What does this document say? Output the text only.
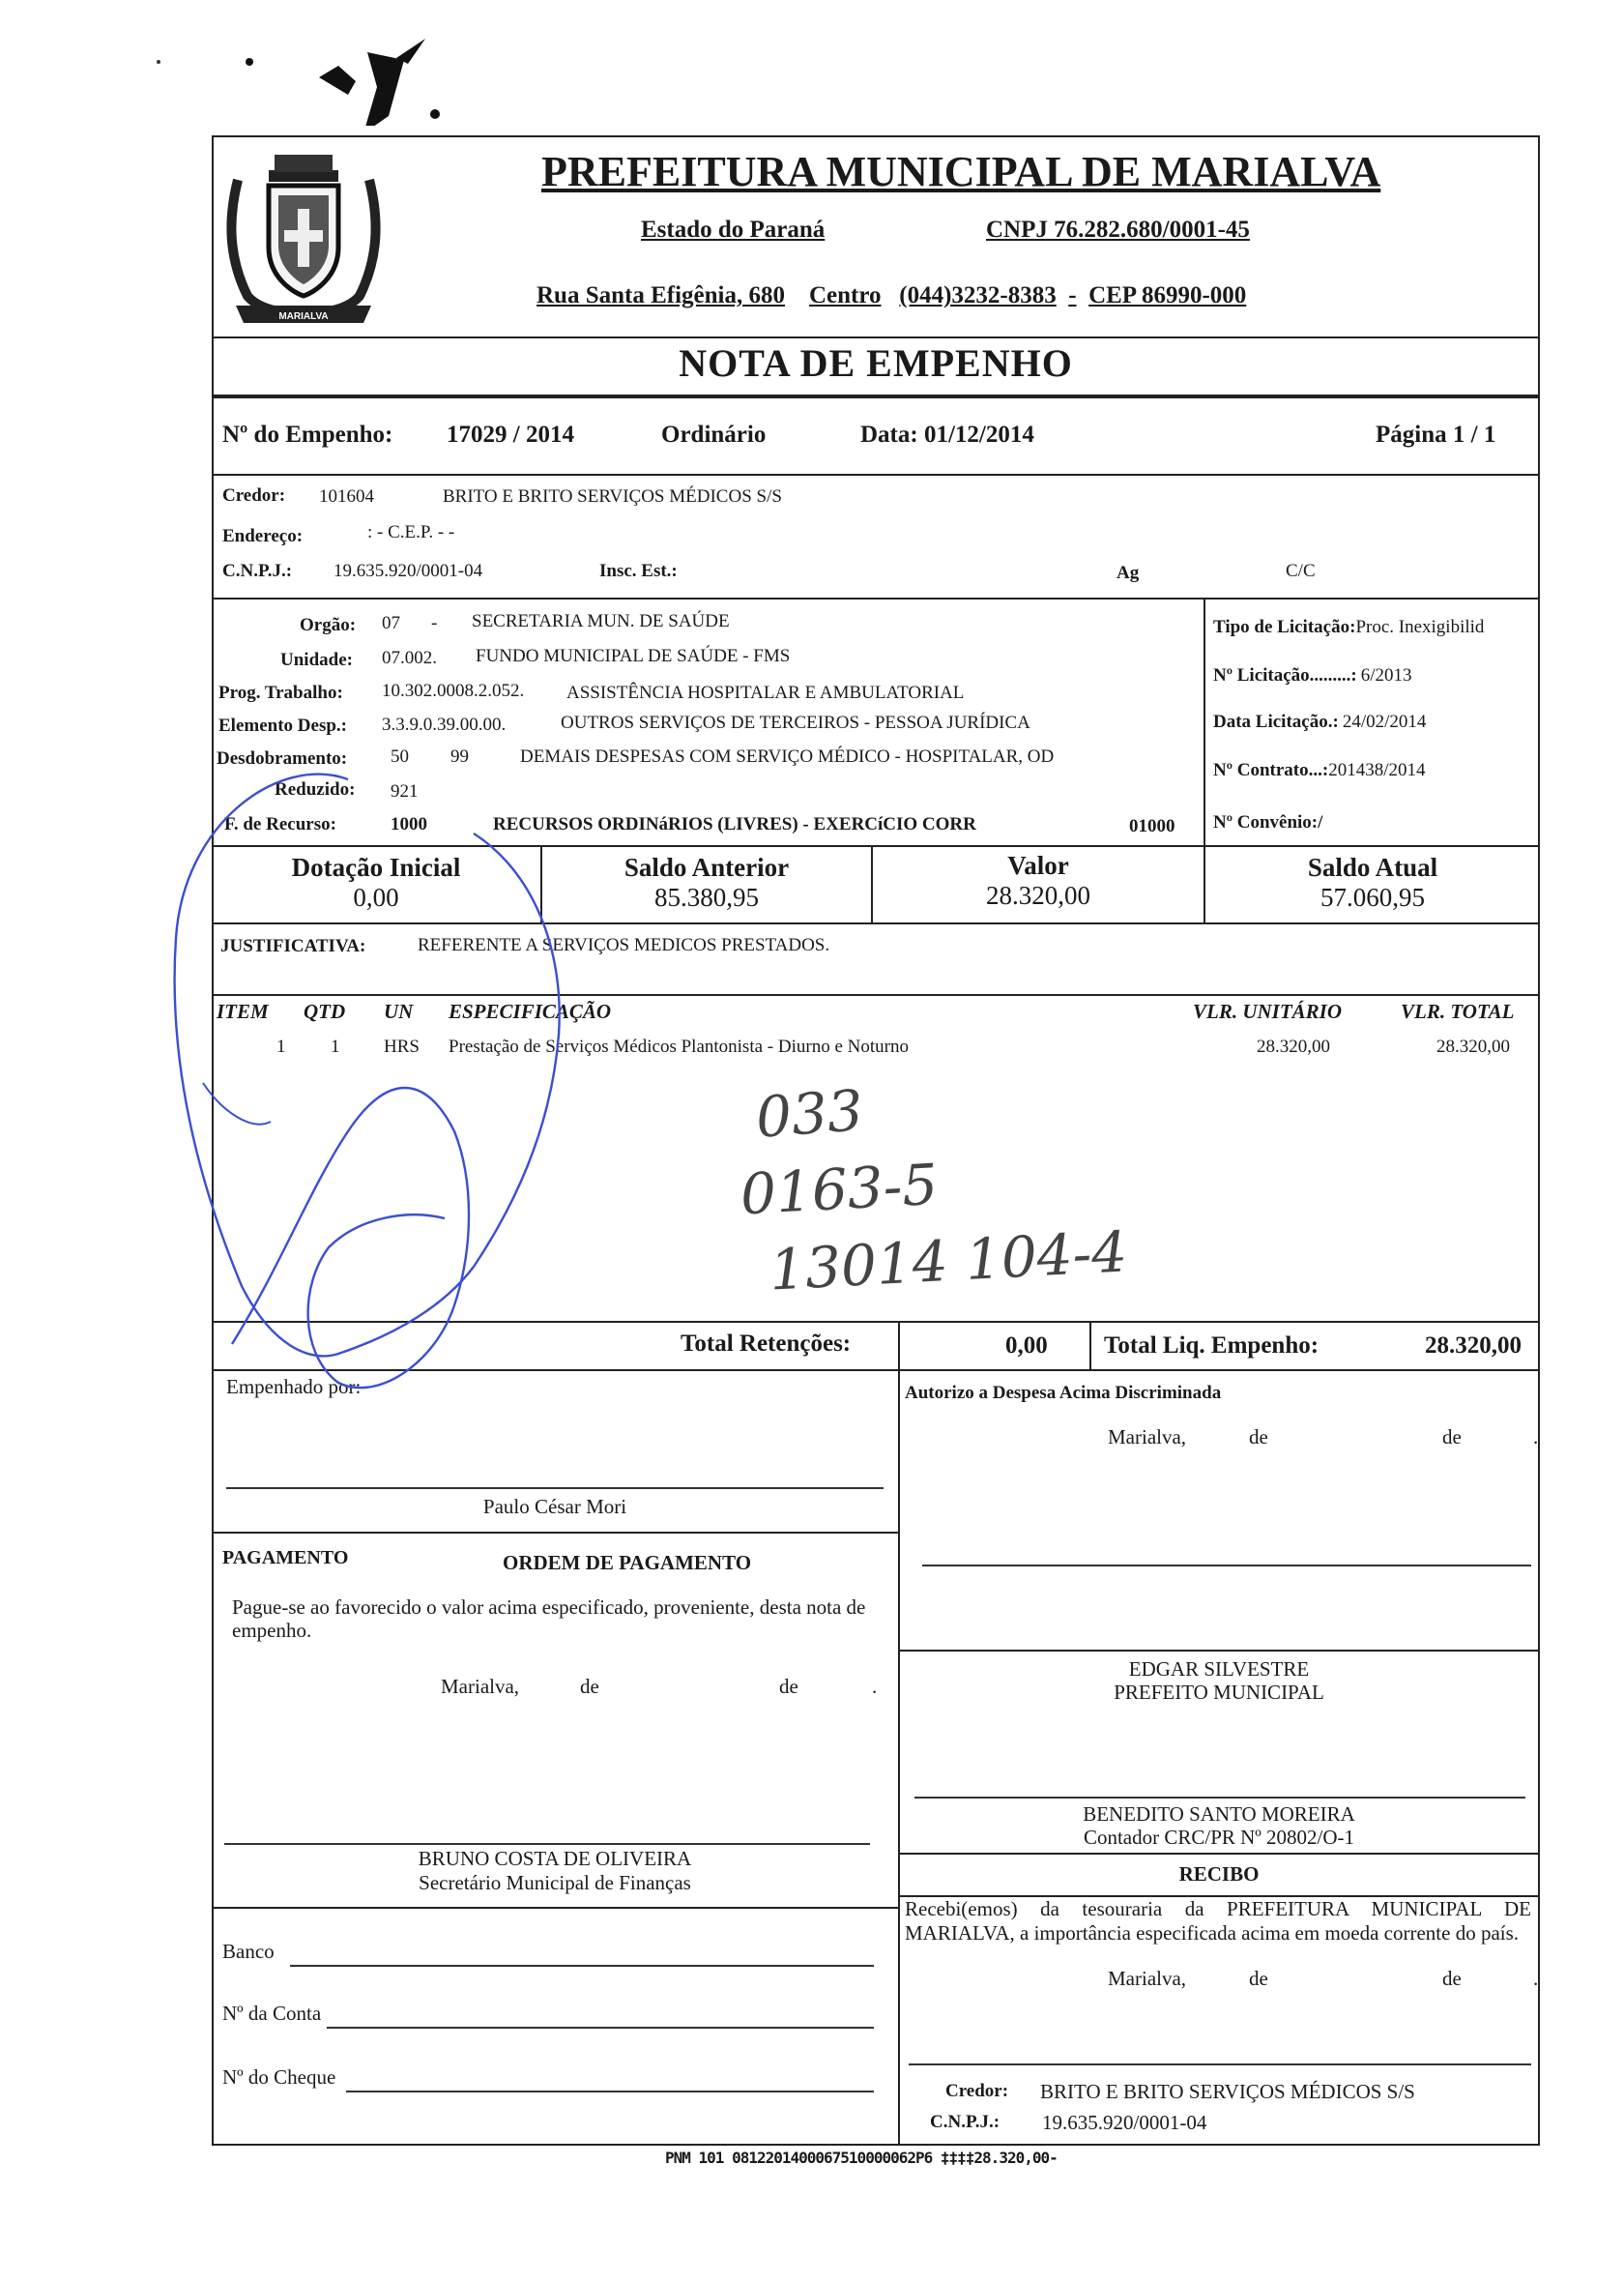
MARIALVA
PREFEITURA MUNICIPAL DE MARIALVA
Estado do Paraná	CNPJ 76.282.680/0001-45
Rua Santa Efigênia, 680 Centro (044)3232-8383 - CEP 86990-000
NOTA DE EMPENHO
Nº do Empenho: 17029 / 2014	Ordinário	Data: 01/12/2014	Página 1 / 1
Credor: 101604	BRITO E BRITO SERVIÇOS MÉDICOS S/S
Endereço:	: - C.E.P. - -
C.N.P.J.: 19.635.920/0001-04	Insc. Est.:	Ag	C/C
Orgão: 07 - SECRETARIA MUN. DE SAÚDE
Unidade: 07.002. FUNDO MUNICIPAL DE SAÚDE - FMS
Prog. Trabalho: 10.302.0008.2.052. ASSISTÊNCIA HOSPITALAR E AMBULATORIAL
Elemento Desp.: 3.3.9.0.39.00.00.	OUTROS SERVIÇOS DE TERCEIROS - PESSOA JURÍDICA
Desdobramento: 50 99	DEMAIS DESPESAS COM SERVIÇO MÉDICO - HOSPITALAR, OD
Reduzido: 921
F. de Recurso:	1000	RECURSOS ORDINáRIOS (LIVRES) - EXERCíCIO CORR	01000
Tipo de Licitação:Proc. Inexigibilid
Nº Licitação.........: 6/2013
Data Licitação.: 24/02/2014
Nº Contrato...:201438/2014
Nº Convênio:/
Dotação Inicial
0,00
Saldo Anterior
85.380,95
Valor
28.320,00
Saldo Atual
57.060,95
JUSTIFICATIVA:	REFERENTE A SERVIÇOS MEDICOS PRESTADOS.
ITEM QTD UN ESPECIFICAÇÃO	VLR. UNITÁRIO	VLR. TOTAL
1 1 HRS Prestação de Serviços Médicos Plantonista - Diurno e Noturno	28.320,00	28.320,00
033
0163-5
13014 104-4
Total Retenções:	0,00 Total Liq. Empenho:	28.320,00
Empenhado por:
Paulo César Mori
PAGAMENTO	ORDEM DE PAGAMENTO
Pague-se ao favorecido o valor acima especificado, proveniente, desta nota de empenho.
Marialva,	de	de	.
BRUNO COSTA DE OLIVEIRA
Secretário Municipal de Finanças
Banco
Nº da Conta
Nº do Cheque
Autorizo a Despesa Acima Discriminada
Marialva,	de	de	.
EDGAR SILVESTRE
PREFEITO MUNICIPAL
BENEDITO SANTO MOREIRA
Contador CRC/PR Nº 20802/O-1
RECIBO
Recebi(emos) da tesouraria da PREFEITURA MUNICIPAL DE MARIALVA, a importância especificada acima em moeda corrente do país.
Marialva,	de	de	.
Credor: BRITO E BRITO SERVIÇOS MÉDICOS S/S
C.N.P.J.: 19.635.920/0001-04
PNM 101 0812201400067510000062P6 ‡‡‡‡28.320,00-
